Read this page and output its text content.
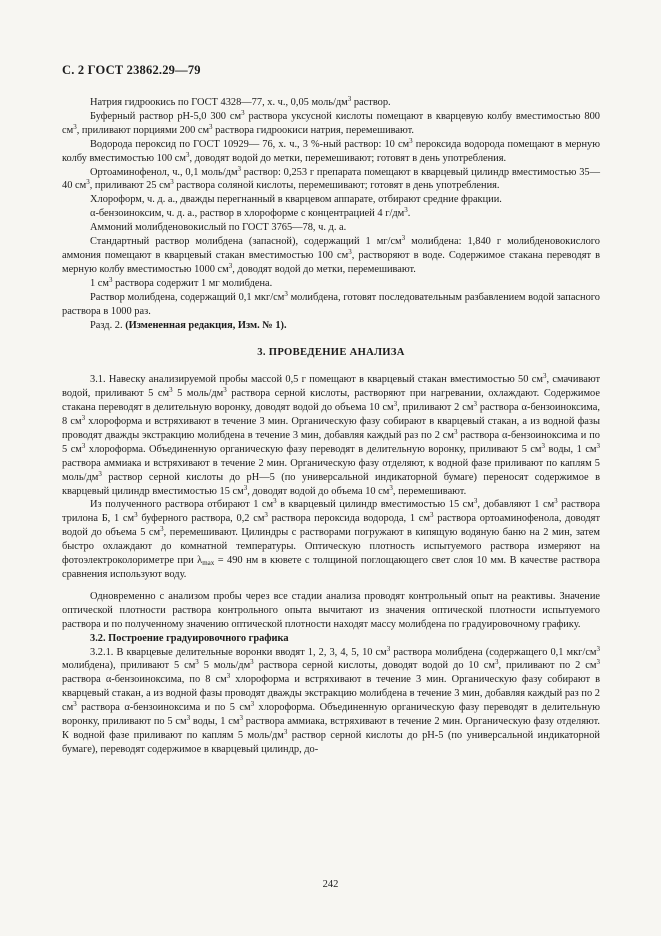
С. 2 ГОСТ 23862.29—79

Натрия гидроокись по ГОСТ 4328—77, х. ч., 0,05 моль/$дм^3$ раствор.

Буферный раствор рН-5,0 300 $см^3$ раствора уксусной кислоты помещают в кварцевую колбу вместимостью 800 $см^3$, приливают порциями 200 $см^3$ раствора гидроокиси натрия, перемешивают.

Водорода пероксид по ГОСТ 10929— 76, х. ч., 3 %-ный раствор: 10 $см^3$ пероксида водорода помещают в мерную колбу вместимостью 100 $см^3$, доводят водой до метки, перемешивают; готовят в день употребления.

Ортоаминофенол, ч., 0,1 моль/$дм^3$ раствор: 0,253 г препарата помещают в кварцевый цилиндр вместимостью 35—40 $см^3$, приливают 25 $см^3$ раствора соляной кислоты, перемешивают; готовят в день употребления.

Хлороформ, ч. д. а., дважды перегнанный в кварцевом аппарате, отбирают средние фракции.

α-бензоиноксим, ч. д. а., раствор в хлороформе с концентрацией 4 $г/дм^3$.

Аммоний молибденовокислый по ГОСТ 3765—78, ч. д. а.

Стандартный раствор молибдена (запасной), содержащий 1 $мг/см^3$ молибдена: 1,840 г молибденовокислого аммония помещают в кварцевый стакан вместимостью 100 $см^3$, растворяют в воде. Содержимое стакана переводят в мерную колбу вместимостью 1000 $см^3$, доводят водой до метки, перемешивают.

1 $см^3$ раствора содержит 1 мг молибдена.

Раствор молибдена, содержащий 0,1 мкг/$см^3$ молибдена, готовят последовательным разбавлением водой запасного раствора в 1000 раз.

Разд. 2. (Измененная редакция, Изм. № 1).

3. ПРОВЕДЕНИЕ АНАЛИЗА

3.1. Навеску анализируемой пробы массой 0,5 г помещают в кварцевый стакан вместимостью 50 $см^3$, смачивают водой, приливают 5 $см^3$ 5 моль/$дм^3$ раствора серной кислоты, растворяют при нагревании, охлаждают. Содержимое стакана переводят в делительную воронку, доводят водой до объема 10 $см^3$, приливают 2 $см^3$ раствора α-бензоиноксима, 8 $см^3$ хлороформа и встряхивают в течение 3 мин. Органическую фазу собирают в кварцевый стакан, а из водной фазы проводят дважды экстракцию молибдена в течение 3 мин, добавляя каждый раз по 2 $см^3$ раствора α-бензоиноксима и по 5 $см^3$ хлороформа. Объединенную органическую фазу переводят в делительную воронку, приливают 5 $см^3$ воды, 1 $см^3$ раствора аммиака и встряхивают в течение 2 мин. Органическую фазу отделяют, к водной фазе приливают по каплям 5 моль/$дм^3$ раствор серной кислоты до рН—5 (по универсальной индикаторной бумаге) переносят содержимое в кварцевый цилиндр вместимостью 15 $см^3$, доводят водой до объема 10 $см^3$, перемешивают.

Из полученного раствора отбирают 1 $см^3$ в кварцевый цилиндр вместимостью 15 $см^3$, добавляют 1 $см^3$ раствора трилона Б, 1 $см^3$ буферного раствора, 0,2 $см^3$ раствора пероксида водорода, 1 $см^3$ раствора ортоаминофенола, доводят водой до объема 5 $см^3$, перемешивают. Цилиндры с растворами погружают в кипящую водяную баню на 2 мин, затем быстро охлаждают до комнатной температуры. Оптическую плотность испытуемого раствора измеряют на фотоэлектроколориметре при $\lambda_{max} = 490$ нм в кювете с толщиной поглощающего свет слоя 10 мм. В качестве раствора сравнения используют воду.

Одновременно с анализом пробы через все стадии анализа проводят контрольный опыт на реактивы. Значение оптической плотности раствора контрольного опыта вычитают из значения оптической плотности испытуемого раствора и по полученному значению оптической плотности находят массу молибдена по градуировочному графику.

3.2. Построение градуировочного графика

3.2.1. В кварцевые делительные воронки вводят 1, 2, 3, 4, 5, 10 $см^3$ раствора молибдена (содержащего 0,1 мкг/$см^3$ молибдена), приливают 5 $см^3$ 5 моль/$дм^3$ раствора серной кислоты, доводят водой до 10 $см^3$, приливают по 2 $см^3$ раствора α-бензоиноксима, по 8 $см^3$ хлороформа и встряхивают в течение 3 мин. Органическую фазу собирают в кварцевый стакан, а из водной фазы проводят дважды экстракцию молибдена в течение 3 мин, добавляя каждый раз по 2 $см^3$ раствора α-бензоиноксима и по 5 $см^3$ хлороформа. Объединенную органическую фазу переводят в делительную воронку, приливают по 5 $см^3$ воды, 1 $см^3$ раствора аммиака, встряхивают в течение 2 мин. Органическую фазу отделяют. К водной фазе приливают по каплям 5 моль/$дм^3$ раствор серной кислоты до рН-5 (по универсальной индикаторной бумаге), переводят содержимое в кварцевый цилиндр, до-

242
